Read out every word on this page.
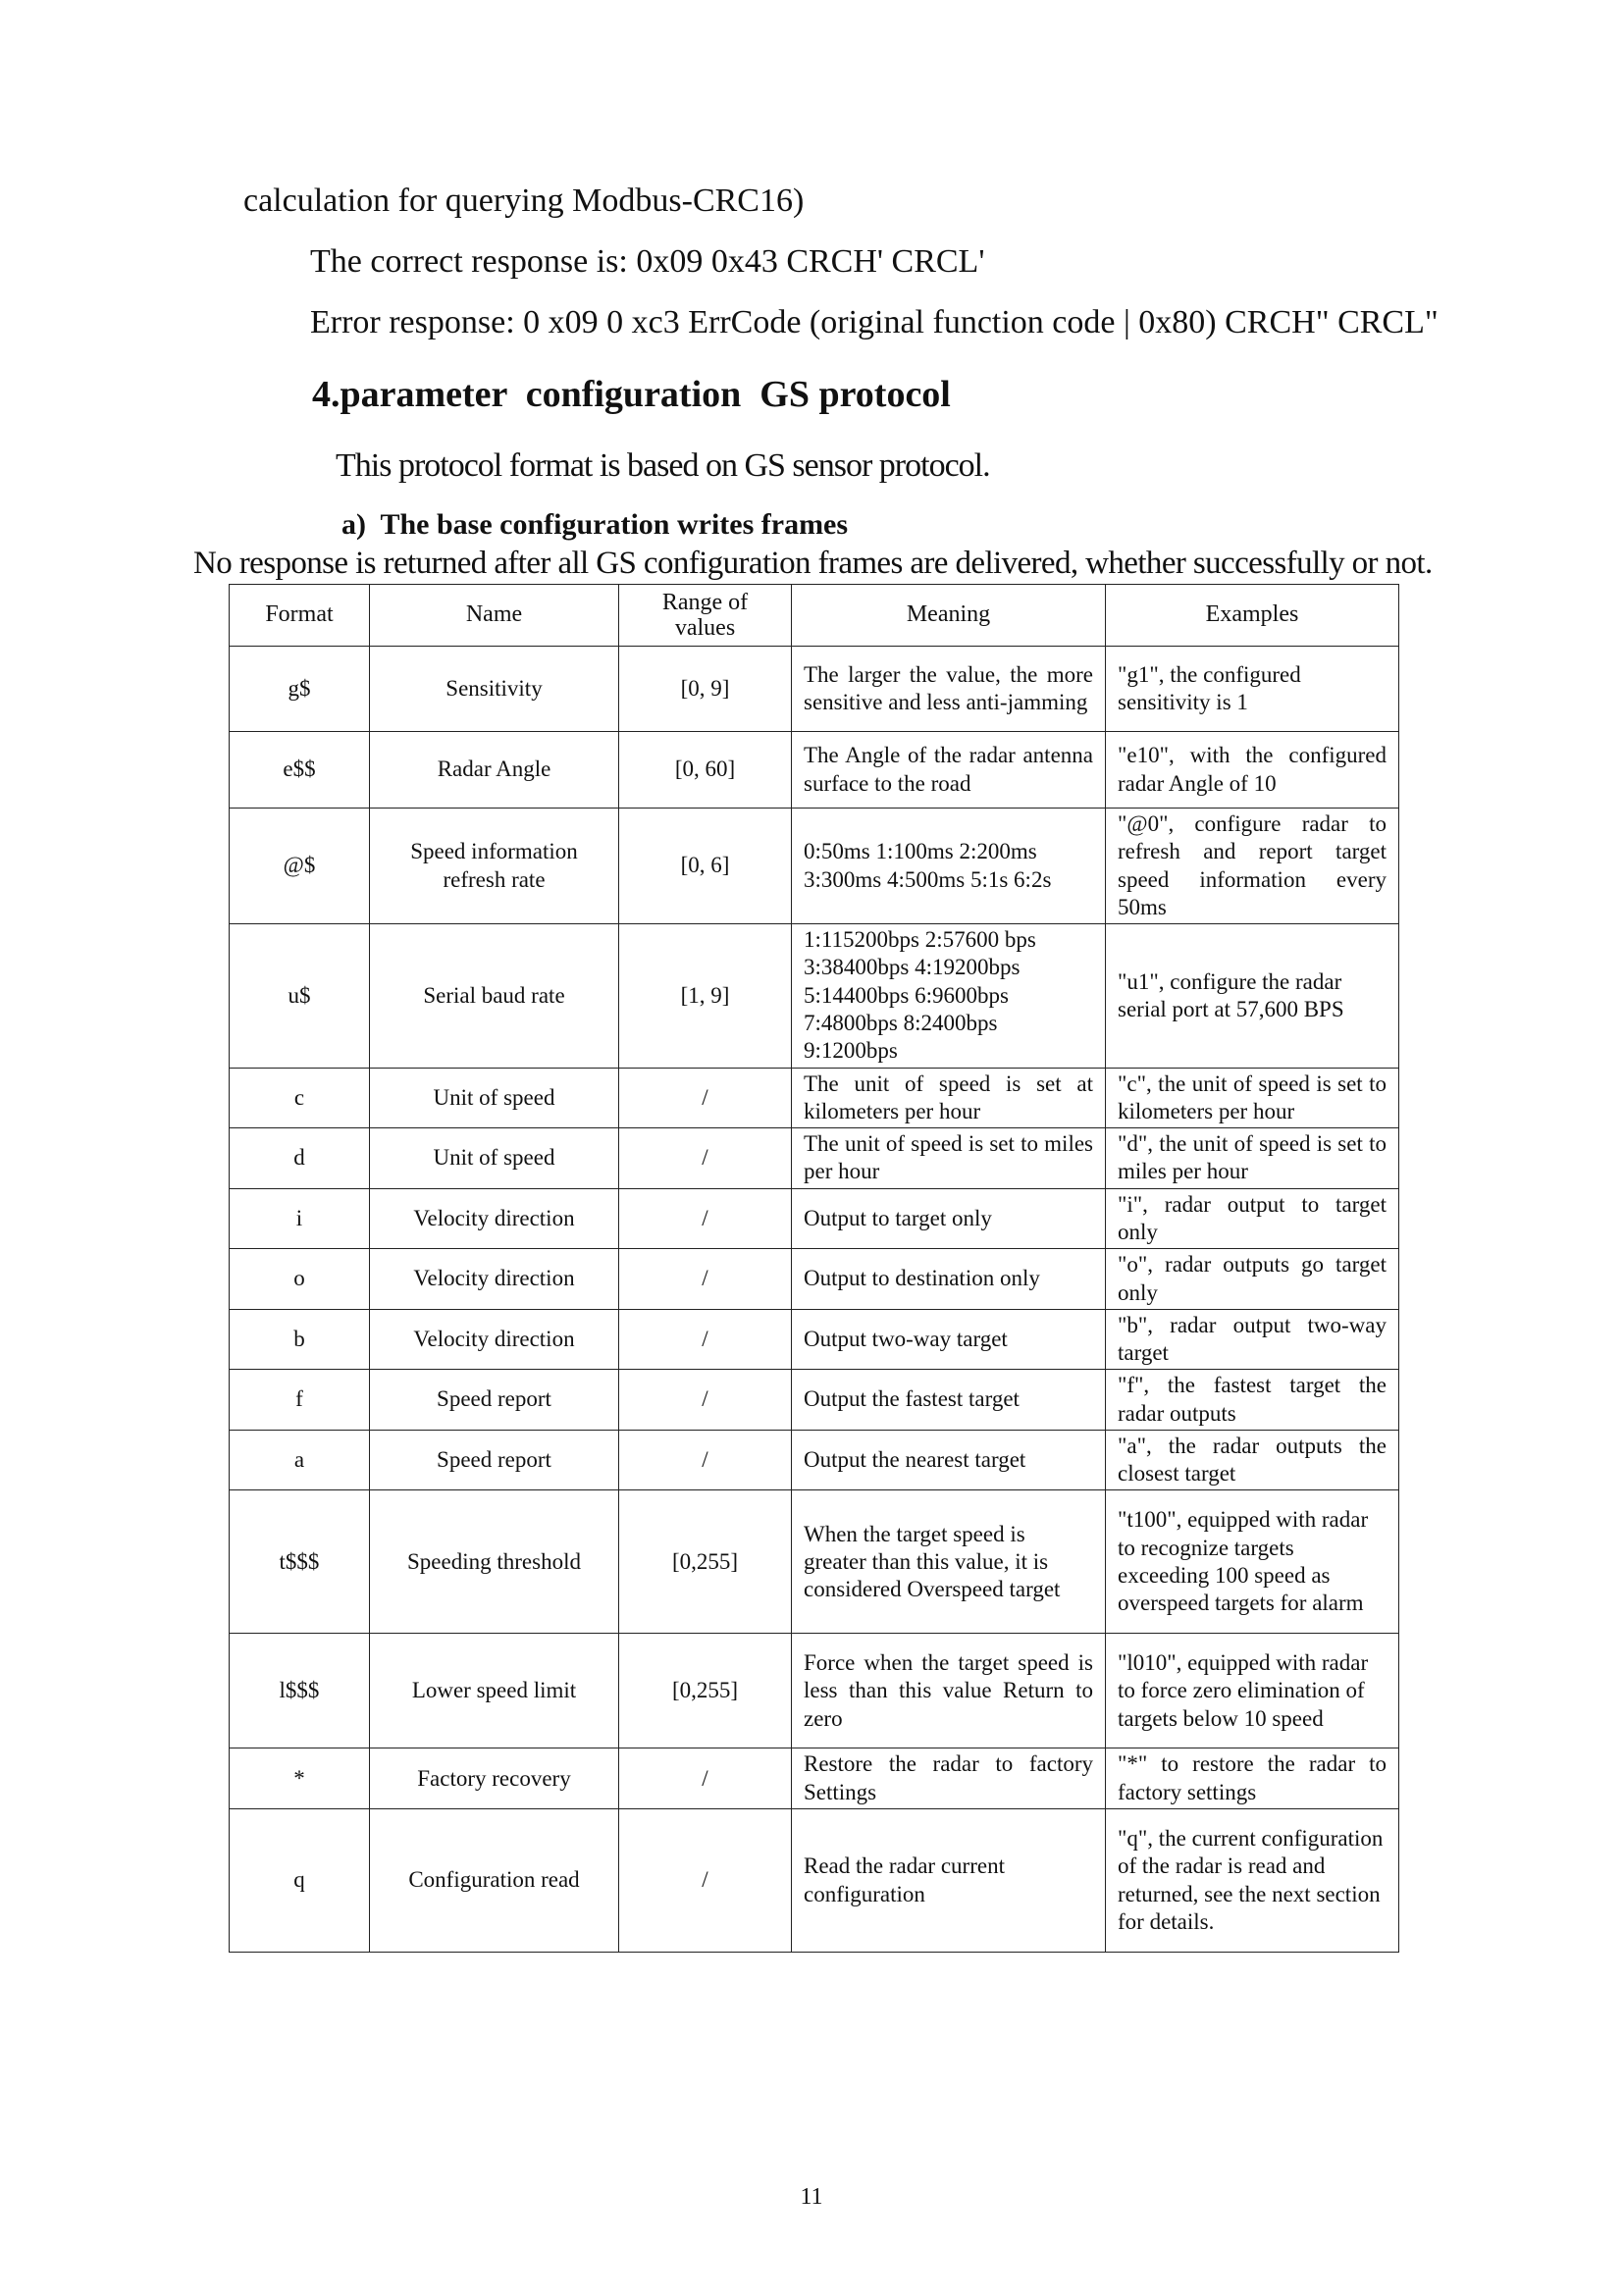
calculation for querying Modbus-CRC16)
The correct response is: 0x09 0x43 CRCH' CRCL'
Error response: 0 x09 0 xc3 ErrCode (original function code | 0x80) CRCH" CRCL"
4.parameter  configuration  GS protocol
This protocol format is based on GS sensor protocol.
a)  The base configuration writes frames
No response is returned after all GS configuration frames are delivered, whether successfully or not.
Format	Name	Range of values	Meaning	Examples
g$	Sensitivity	[0, 9]	The larger the value, the more sensitive and less anti-jamming	"g1", the configured sensitivity is 1
e$$	Radar Angle	[0, 60]	The Angle of the radar antenna surface to the road	"e10", with the configured radar Angle of 10
@$	Speed information refresh rate	[0, 6]	0:50ms 1:100ms 2:200ms 3:300ms 4:500ms 5:1s 6:2s	"@0", configure radar to refresh and report target speed information every 50ms
u$	Serial baud rate	[1, 9]	1:115200bps 2:57600 bps 3:38400bps 4:19200bps 5:14400bps 6:9600bps 7:4800bps 8:2400bps 9:1200bps	"u1", configure the radar serial port at 57,600 BPS
c	Unit of speed	/	The unit of speed is set at kilometers per hour	"c", the unit of speed is set to kilometers per hour
d	Unit of speed	/	The unit of speed is set to miles per hour	"d", the unit of speed is set to miles per hour
i	Velocity direction	/	Output to target only	"i", radar output to target only
o	Velocity direction	/	Output to destination only	"o", radar outputs go target only
b	Velocity direction	/	Output two-way target	"b", radar output two-way target
f	Speed report	/	Output the fastest target	"f", the fastest target the radar outputs
a	Speed report	/	Output the nearest target	"a", the radar outputs the closest target
t$$$	Speeding threshold	[0,255]	When the target speed is greater than this value, it is considered Overspeed target	"t100", equipped with radar to recognize targets exceeding 100 speed as overspeed targets for alarm
l$$$	Lower speed limit	[0,255]	Force when the target speed is less than this value Return to zero	"l010", equipped with radar to force zero elimination of targets below 10 speed
*	Factory recovery	/	Restore the radar to factory Settings	"*" to restore the radar to factory settings
q	Configuration read	/	Read the radar current configuration	"q", the current configuration of the radar is read and returned, see the next section for details.
11
